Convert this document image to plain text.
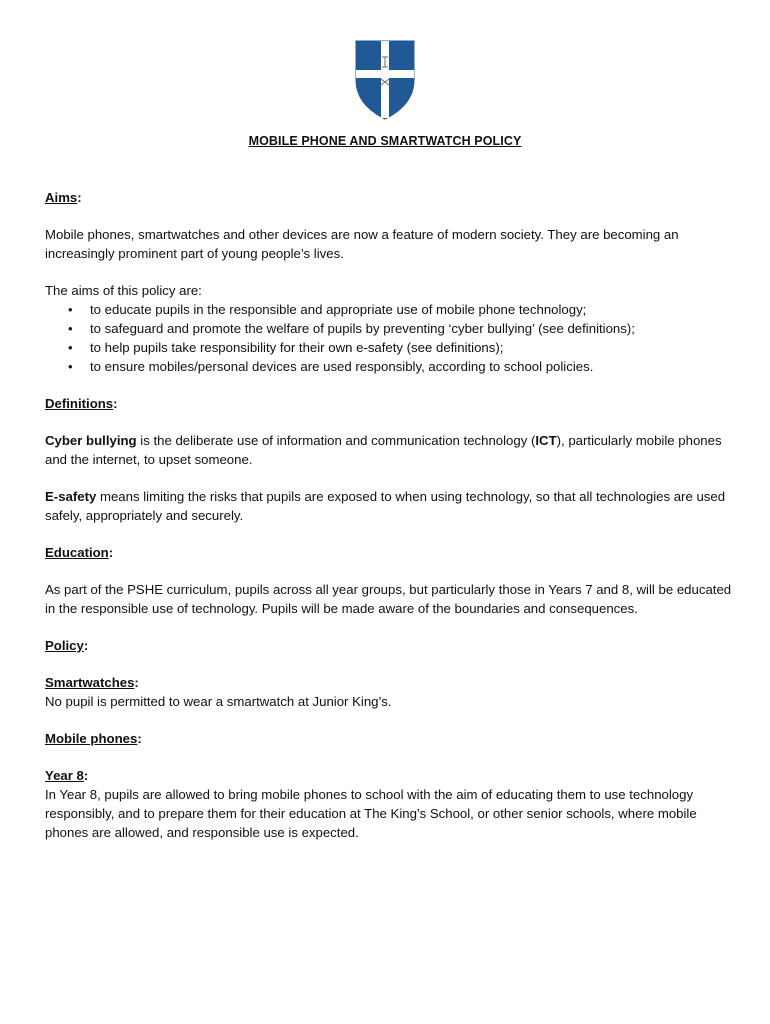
MOBILE PHONE AND SMARTWATCH POLICY

Aims:

Mobile phones, smartwatches and other devices are now a feature of modern society. They are becoming an increasingly prominent part of young people’s lives.

The aims of this policy are:

• to educate pupils in the responsible and appropriate use of mobile phone technology;
• to safeguard and promote the welfare of pupils by preventing ‘cyber bullying’ (see definitions);
• to help pupils take responsibility for their own e-safety (see definitions);
• to ensure mobiles/personal devices are used responsibly, according to school policies.

Definitions:

Cyber bullying is the deliberate use of information and communication technology (ICT), particularly mobile phones and the internet, to upset someone.

E-safety means limiting the risks that pupils are exposed to when using technology, so that all technologies are used safely, appropriately and securely.

Education:

As part of the PSHE curriculum, pupils across all year groups, but particularly those in Years 7 and 8, will be educated in the responsible use of technology. Pupils will be made aware of the boundaries and consequences.

Policy:

Smartwatches:

No pupil is permitted to wear a smartwatch at Junior King’s.

Mobile phones:

Year 8:

In Year 8, pupils are allowed to bring mobile phones to school with the aim of educating them to use technology responsibly, and to prepare them for their education at The King’s School, or other senior schools, where mobile phones are allowed, and responsible use is expected.
